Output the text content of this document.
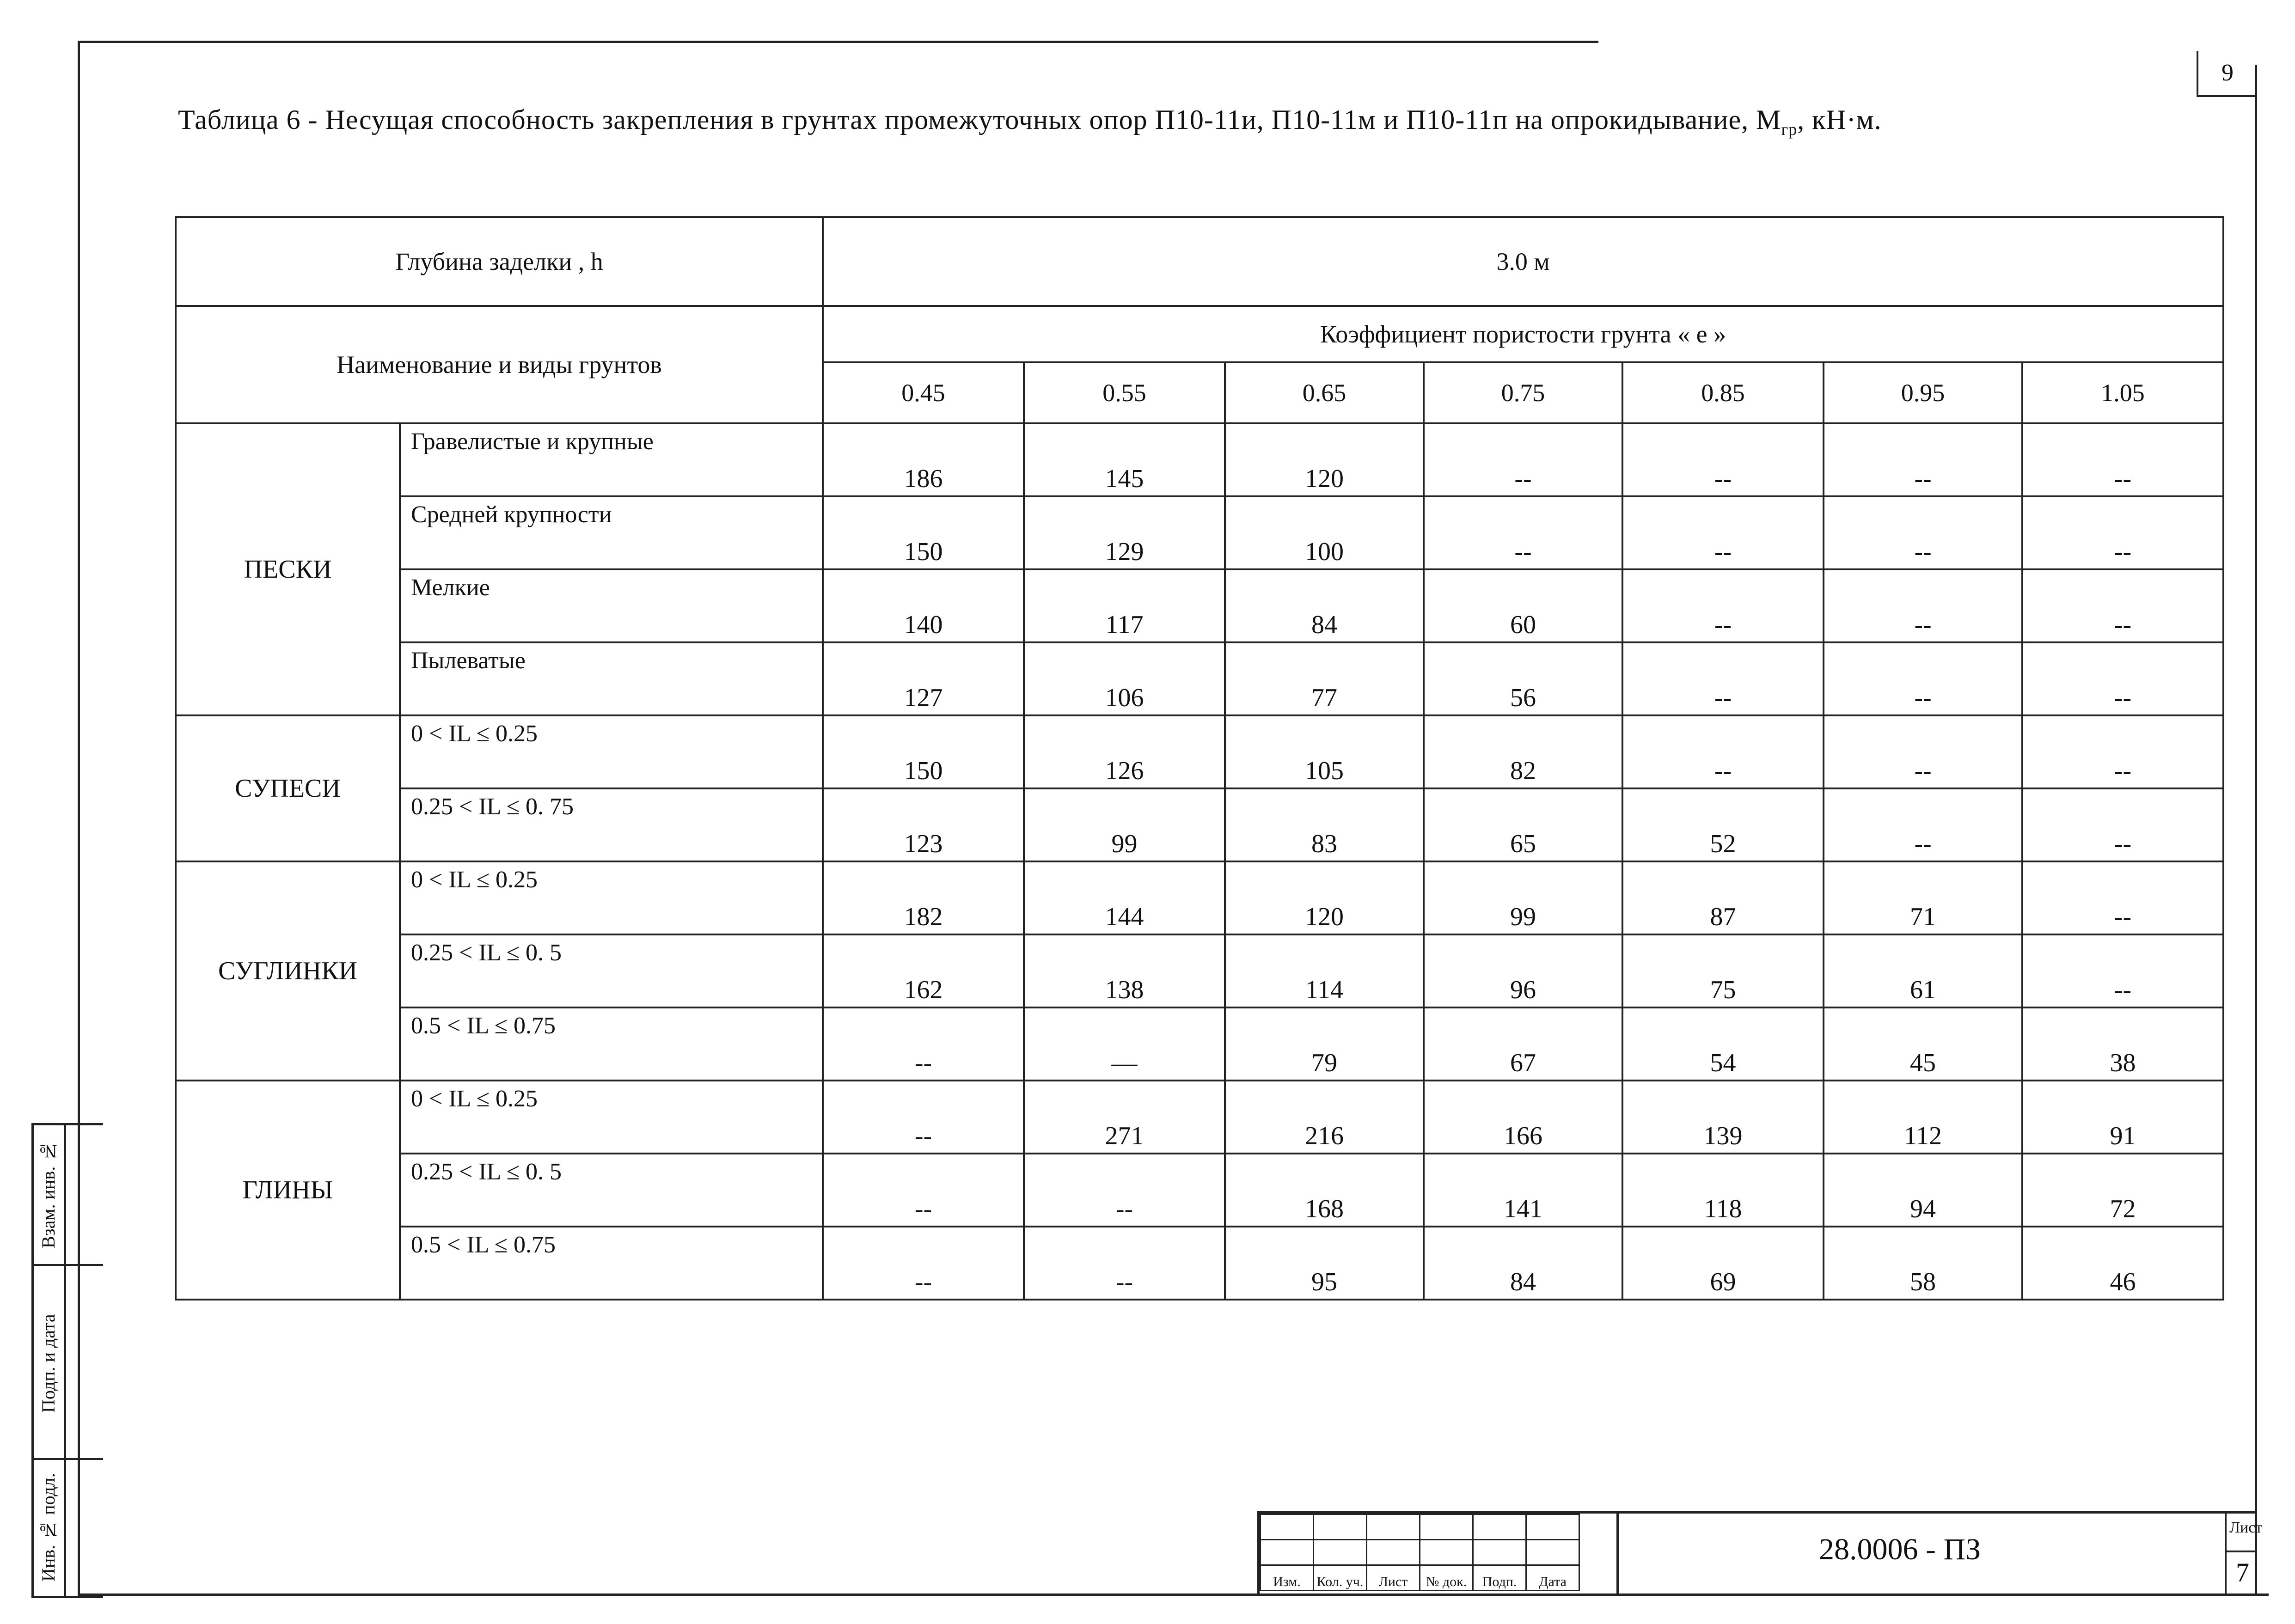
9
Таблица 6 - Несущая способность закрепления в грунтах промежуточных опор П10-11и, П10-11м и П10-11п на опрокидывание, $M_{гр}$, кН·м.
Глубина заделки , h		3.0 м						
Наименование и виды грунтов		Коэффициент пористости грунта « е »						
		0.45	0.55	0.65	0.75	0.85	0.95	1.05
ПЕСКИ	Гравелистые и крупные	186	145	120	--	--	--	--
	Средней крупности	150	129	100	--	--	--	--
	Мелкие	140	117	84	60	--	--	--
	Пылеватые	127	106	77	56	--	--	--
СУПЕСИ	0 < IL ≤ 0.25	150	126	105	82	--	--	--
	0.25 < IL ≤ 0. 75	123	99	83	65	52	--	--
СУГЛИНКИ	0 < IL ≤ 0.25	182	144	120	99	87	71	--
	0.25 < IL ≤ 0. 5	162	138	114	96	75	61	--
	0.5 < IL ≤ 0.75	--	—	79	67	54	45	38
ГЛИНЫ	0 < IL ≤ 0.25	--	271	216	166	139	112	91
	0.25 < IL ≤ 0. 5	--	--	168	141	118	94	72
	0.5 < IL ≤ 0.75	--	--	95	84	69	58	46
Взам. инв. №
Подп. и дата
Инв. № подл.

Изм.	Кол. уч.	Лист	№ док.	Подп.	Дата
28.0006 - ПЗ
Лист
7
